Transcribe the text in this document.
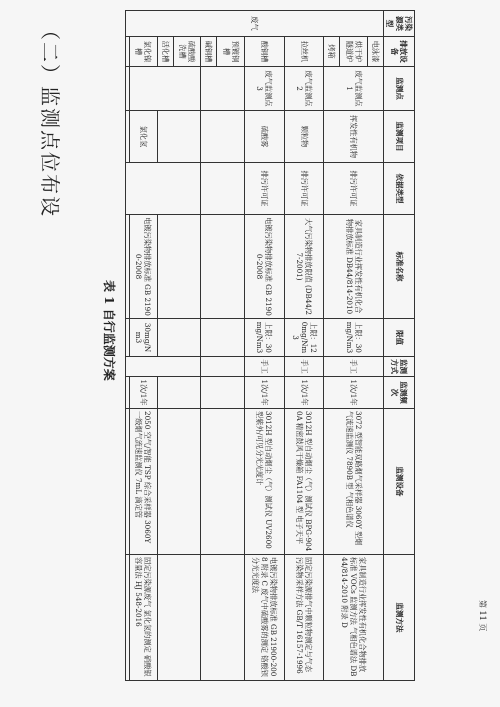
（二）监测点位布设
表 1 自行监测方案
第 11 页
污染源类型	排放设备	监测点	监测项目	依据类型	标准名称	限值	监测方式	监测频次	监测设备	监测方法
废气	电泳漆	废气监测点 1	挥发性有机物	排污许可证	家具制造行业挥发性有机化合物排放标准 DB44/814-2010	上限：30mg/Nm3	手工	1次/1年	3072 型智能双路烟气采样器 3060Y 型烟气流速监测仪 7890B 型 气相色谱仪	家具制造行业挥发性有机化合物排放标准 VOCs 监测方法 气相色谱法 DB 44/814-2010 附录 D
	烘干炉 隧道炉									
	烤箱									
	拉丝机	废气监测点 2	颗粒物	排污许可证	大气污染物排放限值 (DB44/27-2001)	上限：120mg/Nm3	手工	1次/1年	3012H 型自动烟尘（气）测试仪 BPG-9040A 精密鼓风干燥箱 FA1104 型 电子天平	固定污染源排气中颗粒物测定与气态污染物采样方法 GB/T 16157-1996
	酸铜槽	废气监测点 3	硫酸雾	排污许可证	电镀污染物排放标准 GB 21900-2008	上限：30mg/Nm3	手工	1次/1年	3012H 型自动烟尘（气）测试仪 UV2600 型紫外/可见分光光度计	电镀污染物排放标准 GB 21900-2008 附录 C 废气中硫酸雾的测定 铬酸钡分光光度法
	预镀铜槽									
	碱铜槽									
	硫酸酸洗槽									
	活化槽									
	氯化镍槽		氯化氢		电镀污染物排放标准 GB 21900-2008	30mg/Nm3		1次/1年	2050 空气/智能 TSP 综合采样器 3060Y 一级烟气流速监测仪 7mL 滴定管	固定污染源废气 氯化氢的测定 硝酸银容量法 HJ 548-2016
